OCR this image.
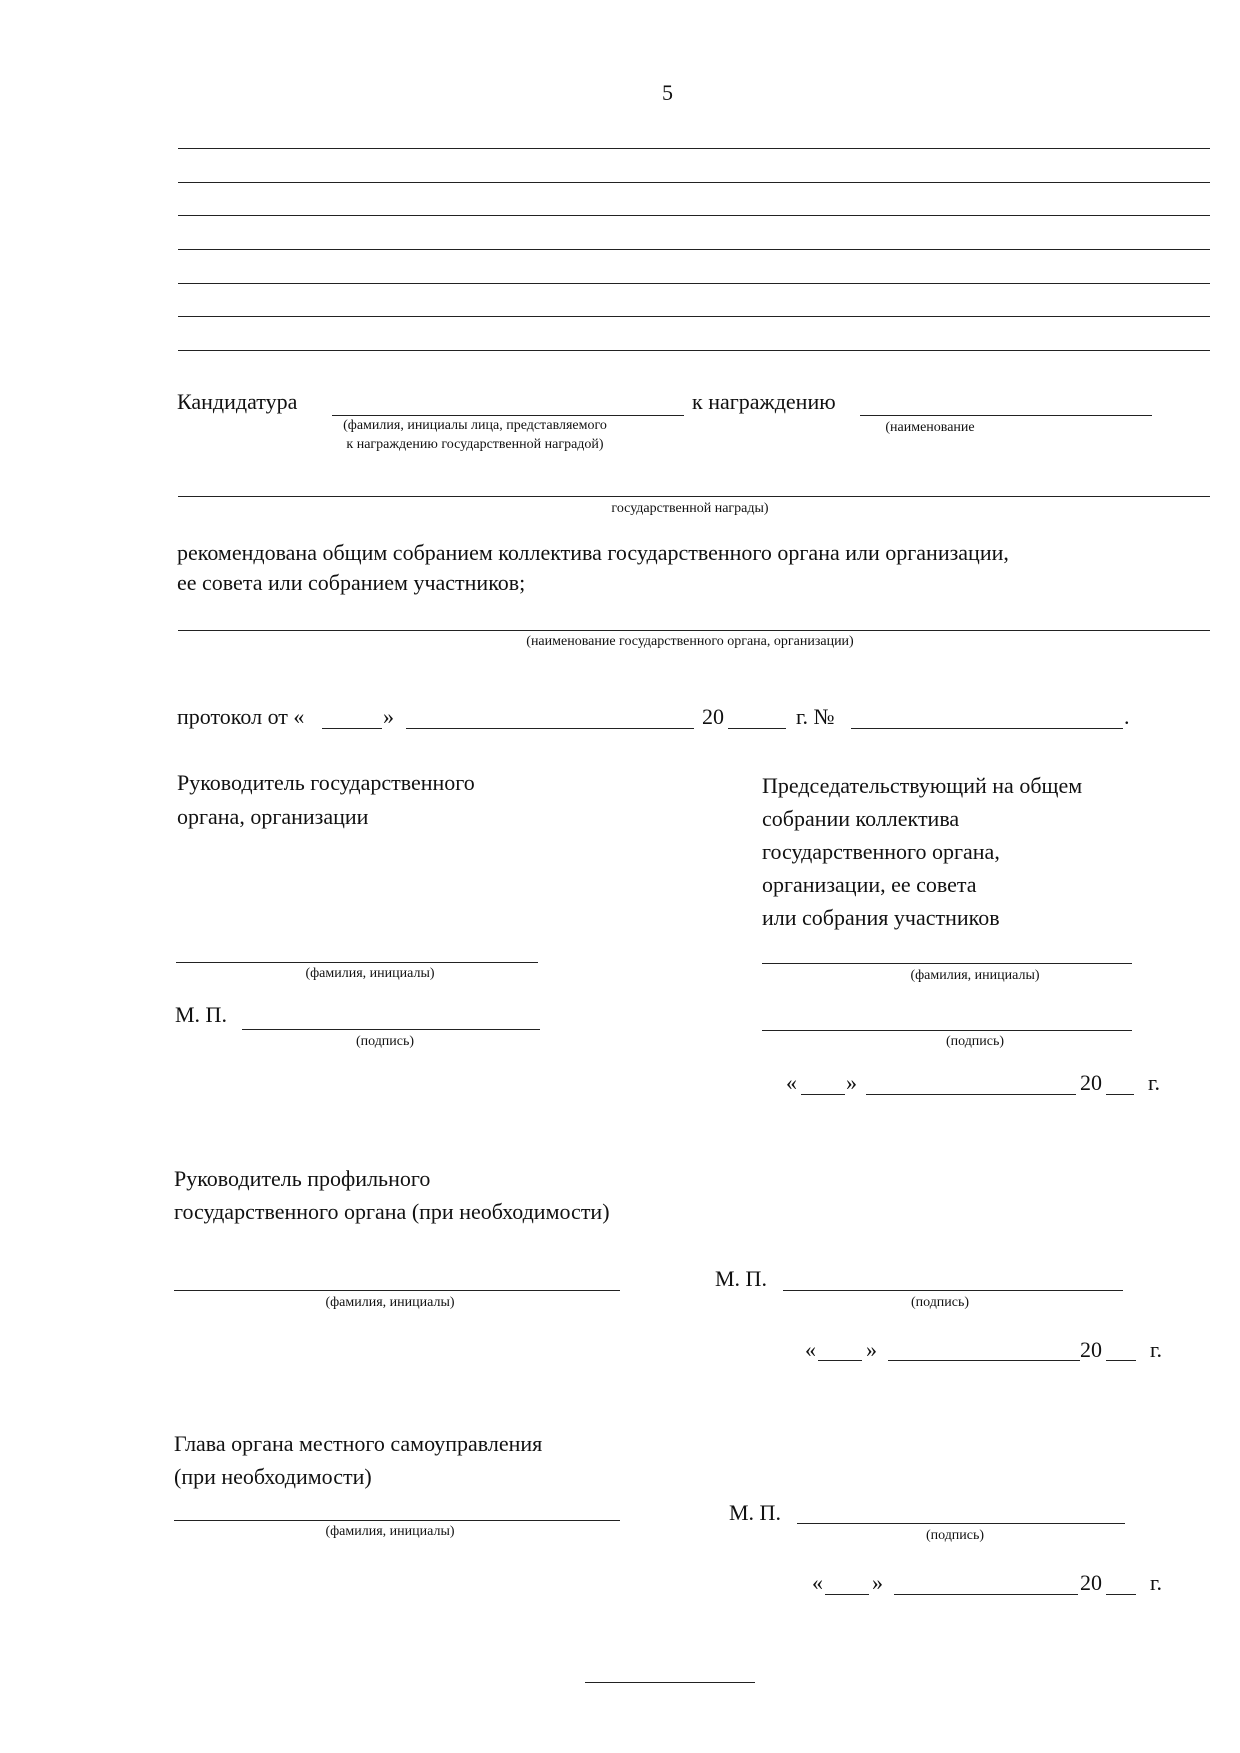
5
Кандидатура
(фамилия, инициалы лица, представляемого
к награждению государственной наградой)
к награждению
(наименование
государственной награды)
рекомендована общим собранием коллектива государственного органа или организации,
ее совета или собранием участников;
(наименование государственного органа, организации)
протокол от «	»	20	г. №	.
Руководитель государственного
органа, организации
(фамилия, инициалы)
М. П.
(подпись)
Председательствующий на общем
собрании коллектива
государственного органа,
организации, ее совета
или собрания участников
(фамилия, инициалы)
(подпись)
« »	20 г.
Руководитель профильного
государственного органа (при необходимости)
(фамилия, инициалы)
М. П.
(подпись)
« »	20 г.
Глава органа местного самоуправления
(при необходимости)
(фамилия, инициалы)
М. П.
(подпись)
« »	20 г.
